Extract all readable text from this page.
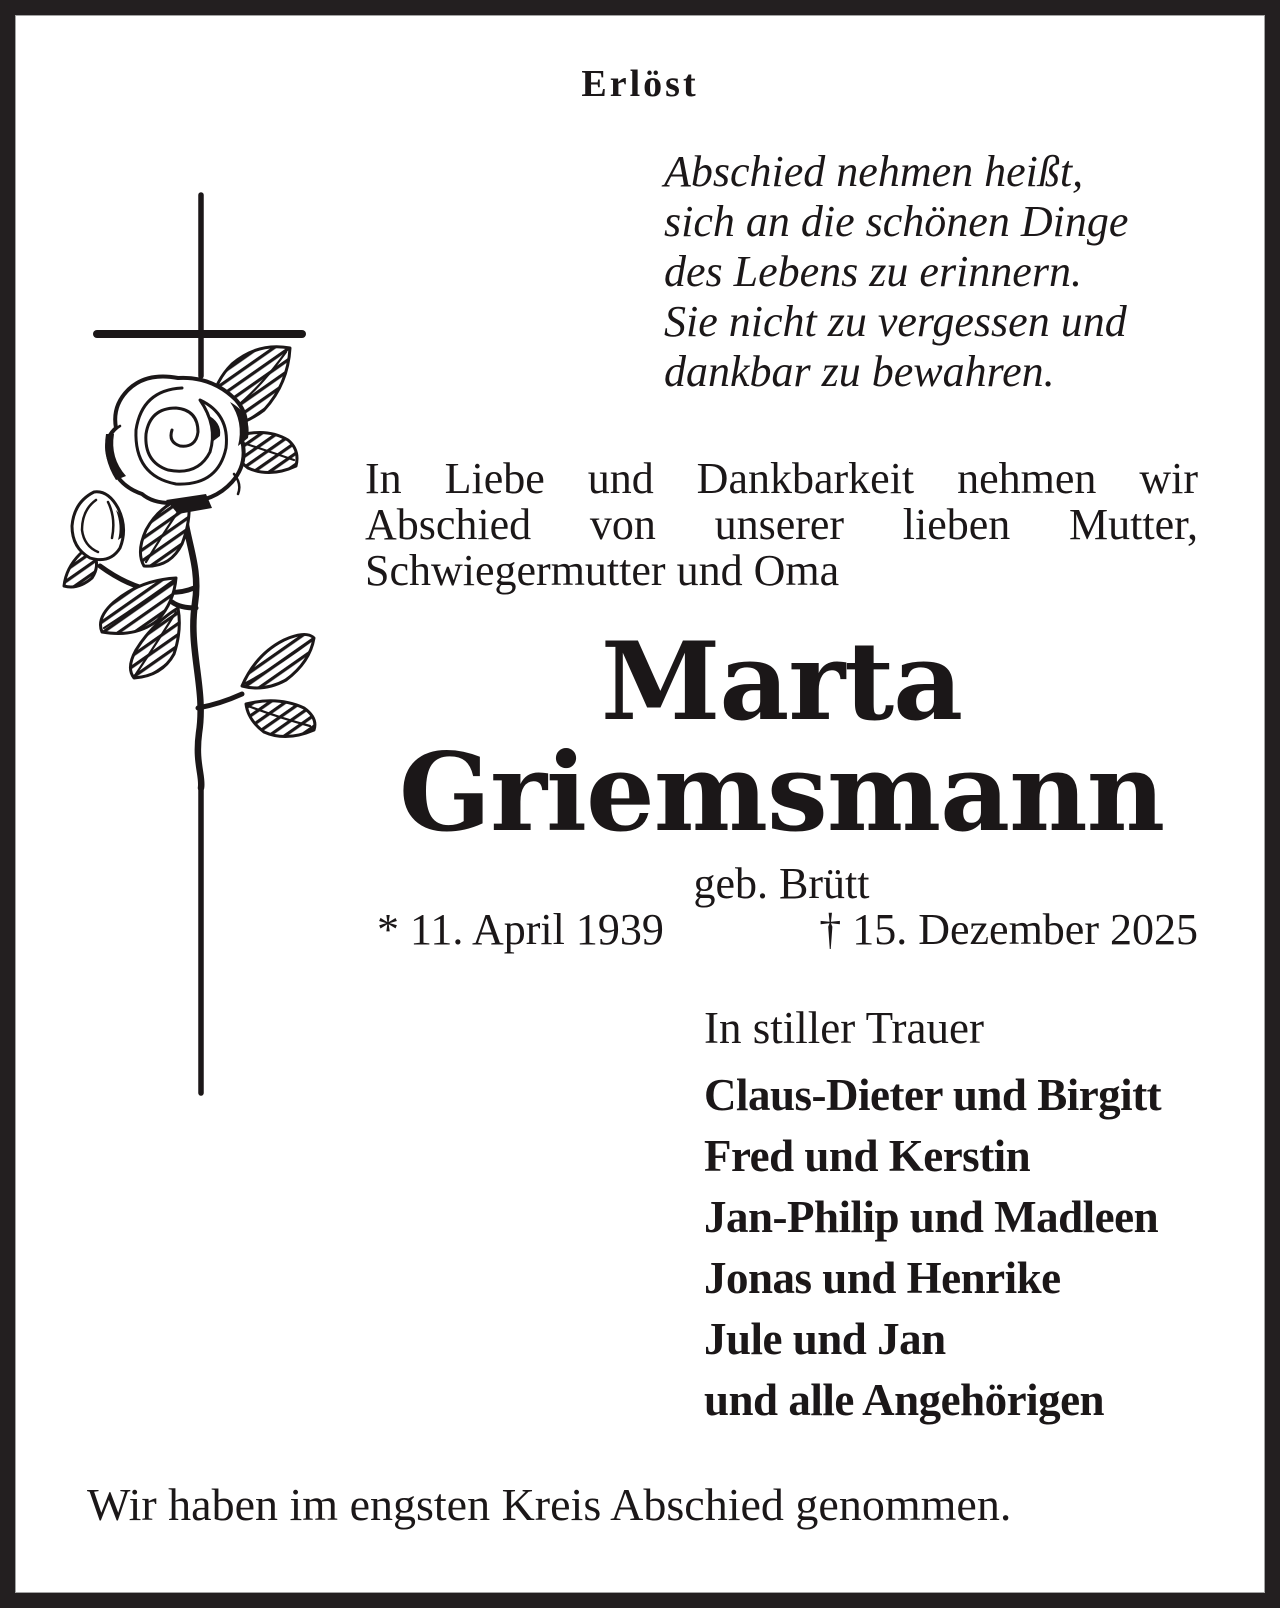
Erlöst
Abschied nehmen heißt,
sich an die schönen Dinge
des Lebens zu erinnern.
Sie nicht zu vergessen und
dankbar zu bewahren.
In Liebe und Dankbarkeit nehmen wir
Abschied von unserer lieben Mutter,
Schwiegermutter und Oma
Marta
Griemsmann
geb. Brütt
* 11. April 1939	† 15. Dezember 2025
In stiller Trauer
Claus-Dieter und Birgitt
Fred und Kerstin
Jan-Philip und Madleen
Jonas und Henrike
Jule und Jan
und alle Angehörigen
Wir haben im engsten Kreis Abschied genommen.
